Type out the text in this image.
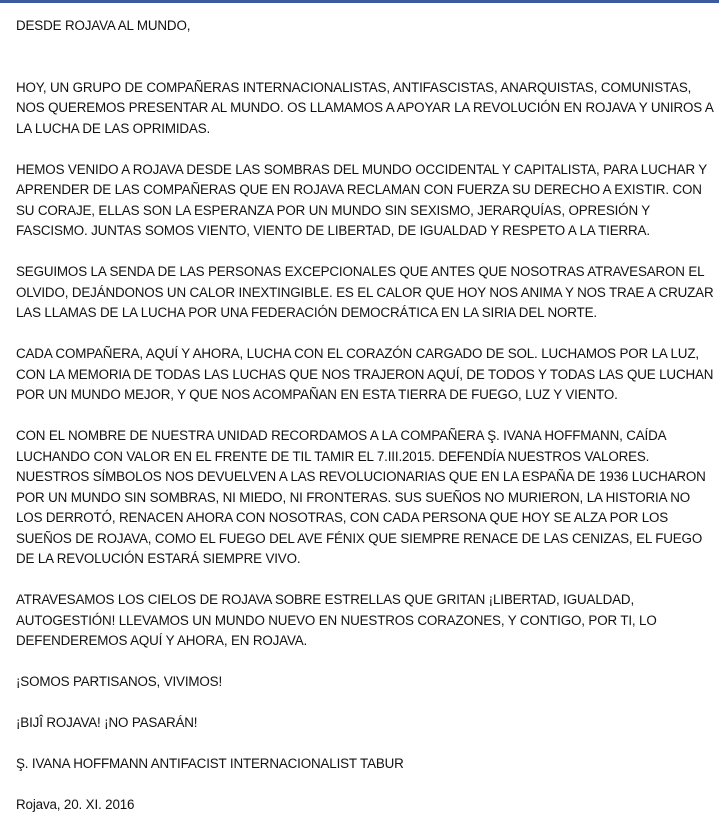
DESDE ROJAVA AL MUNDO,

HOY, UN GRUPO DE COMPAÑERAS INTERNACIONALISTAS, ANTIFASCISTAS, ANARQUISTAS, COMUNISTAS, NOS QUEREMOS PRESENTAR AL MUNDO. OS LLAMAMOS A APOYAR LA REVOLUCIÓN EN ROJAVA Y UNIROS A LA LUCHA DE LAS OPRIMIDAS.

HEMOS VENIDO A ROJAVA DESDE LAS SOMBRAS DEL MUNDO OCCIDENTAL Y CAPITALISTA, PARA LUCHAR Y APRENDER DE LAS COMPAÑERAS QUE EN ROJAVA RECLAMAN CON FUERZA SU DERECHO A EXISTIR. CON SU CORAJE, ELLAS SON LA ESPERANZA POR UN MUNDO SIN SEXISMO, JERARQUÍAS, OPRESIÓN Y FASCISMO. JUNTAS SOMOS VIENTO, VIENTO DE LIBERTAD, DE IGUALDAD Y RESPETO A LA TIERRA.

SEGUIMOS LA SENDA DE LAS PERSONAS EXCEPCIONALES QUE ANTES QUE NOSOTRAS ATRAVESARON EL OLVIDO, DEJÁNDONOS UN CALOR INEXTINGIBLE. ES EL CALOR QUE HOY NOS ANIMA Y NOS TRAE A CRUZAR LAS LLAMAS DE LA LUCHA POR UNA FEDERACIÓN DEMOCRÁTICA EN LA SIRIA DEL NORTE.

CADA COMPAÑERA, AQUÍ Y AHORA, LUCHA CON EL CORAZÓN CARGADO DE SOL. LUCHAMOS POR LA LUZ, CON LA MEMORIA DE TODAS LAS LUCHAS QUE NOS TRAJERON AQUÍ, DE TODOS Y TODAS LAS QUE LUCHAN POR UN MUNDO MEJOR, Y QUE NOS ACOMPAÑAN EN ESTA TIERRA DE FUEGO, LUZ Y VIENTO.

CON EL NOMBRE DE NUESTRA UNIDAD RECORDAMOS A LA COMPAÑERA Ş. IVANA HOFFMANN, CAÍDA LUCHANDO CON VALOR EN EL FRENTE DE TIL TAMIR EL 7.III.2015. DEFENDÍA NUESTROS VALORES. NUESTROS SÍMBOLOS NOS DEVUELVEN A LAS REVOLUCIONARIAS QUE EN LA ESPAÑA DE 1936 LUCHARON POR UN MUNDO SIN SOMBRAS, NI MIEDO, NI FRONTERAS. SUS SUEÑOS NO MURIERON, LA HISTORIA NO LOS DERROTÓ, RENACEN AHORA CON NOSOTRAS, CON CADA PERSONA QUE HOY SE ALZA POR LOS SUEÑOS DE ROJAVA, COMO EL FUEGO DEL AVE FÉNIX QUE SIEMPRE RENACE DE LAS CENIZAS, EL FUEGO DE LA REVOLUCIÓN ESTARÁ SIEMPRE VIVO.

ATRAVESAMOS LOS CIELOS DE ROJAVA SOBRE ESTRELLAS QUE GRITAN ¡LIBERTAD, IGUALDAD, AUTOGESTIÓN! LLEVAMOS UN MUNDO NUEVO EN NUESTROS CORAZONES, Y CONTIGO, POR TI, LO DEFENDEREMOS AQUÍ Y AHORA, EN ROJAVA.

¡SOMOS PARTISANOS, VIVIMOS!

¡BIJÎ ROJAVA! ¡NO PASARÁN!

Ş. IVANA HOFFMANN ANTIFACIST INTERNACIONALIST TABUR

Rojava, 20. XI. 2016
